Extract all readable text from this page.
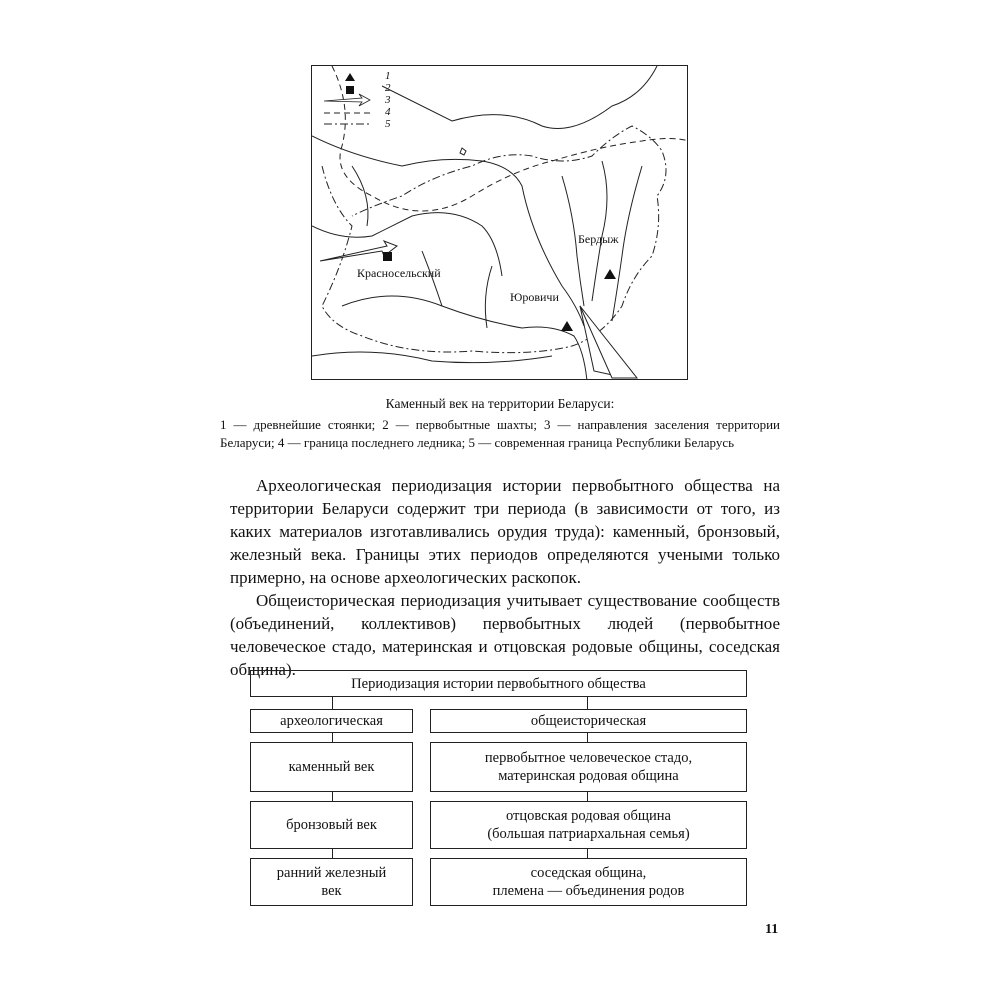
1
2
3
4
5
Красносельский
Бердыж
Юровичи
Каменный век на территории Беларуси:
1 — древнейшие стоянки; 2 — первобытные шахты; 3 — направления заселения территории Беларуси; 4 — граница последнего ледника; 5 — современная граница Республики Беларусь

Археологическая периодизация истории первобытного общества на территории Беларуси содержит три периода (в зависимости от того, из каких материалов изготавливались орудия труда): каменный, бронзовый, железный века. Границы этих периодов определяются учеными только примерно, на основе археологических раскопок.

Общеисторическая периодизация учитывает существование сообществ (объединений, коллективов) первобытных людей (первобытное человеческое стадо, материнская и отцовская родовые общины, соседская община).

Периодизация истории первобытного общества
археологическая	общеисторическая
каменный век
первобытное человеческое стадо,
материнская родовая община
бронзовый век
отцовская родовая община
(большая патриархальная семья)
ранний железный
век
соседская община,
племена — объединения родов
11
